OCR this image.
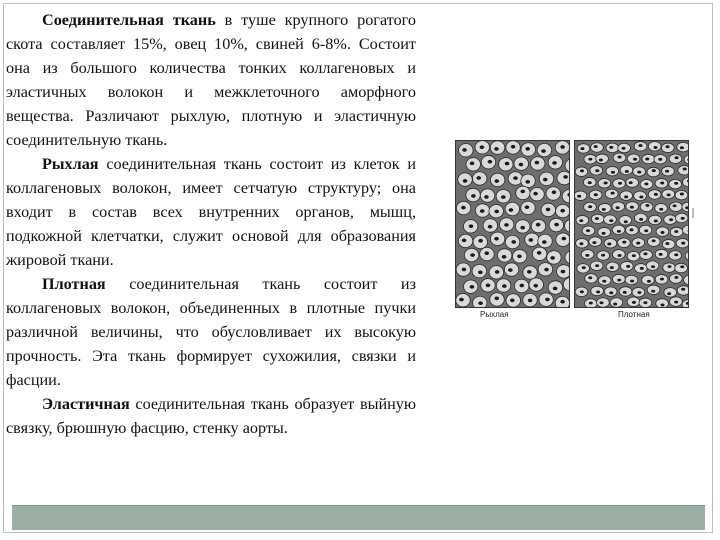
Соединительная ткань в туше крупного рогатого скота составляет 15%, овец 10%, свиней 6-8%. Состоит она из большого количества тонких коллагеновых и эластичных волокон и межклеточного аморфного вещества. Различают рыхлую, плотную и эластичную соединительную ткань.

Рыхлая соединительная ткань состоит из клеток и коллагеновых волокон, имеет сетчатую структуру; она входит в состав всех внутренних органов, мышц, подкожной клетчатки, служит основой для образования жировой ткани.

Плотная соединительная ткань состоит из коллагеновых волокон, объединенных в плотные пучки различной величины, что обусловливает их высокую прочность. Эта ткань формирует сухожилия, связки и фасции.

Эластичная соединительная ткань образует выйную связку, брюшную фасцию, стенку аорты.

Рыхлая	Плотная
